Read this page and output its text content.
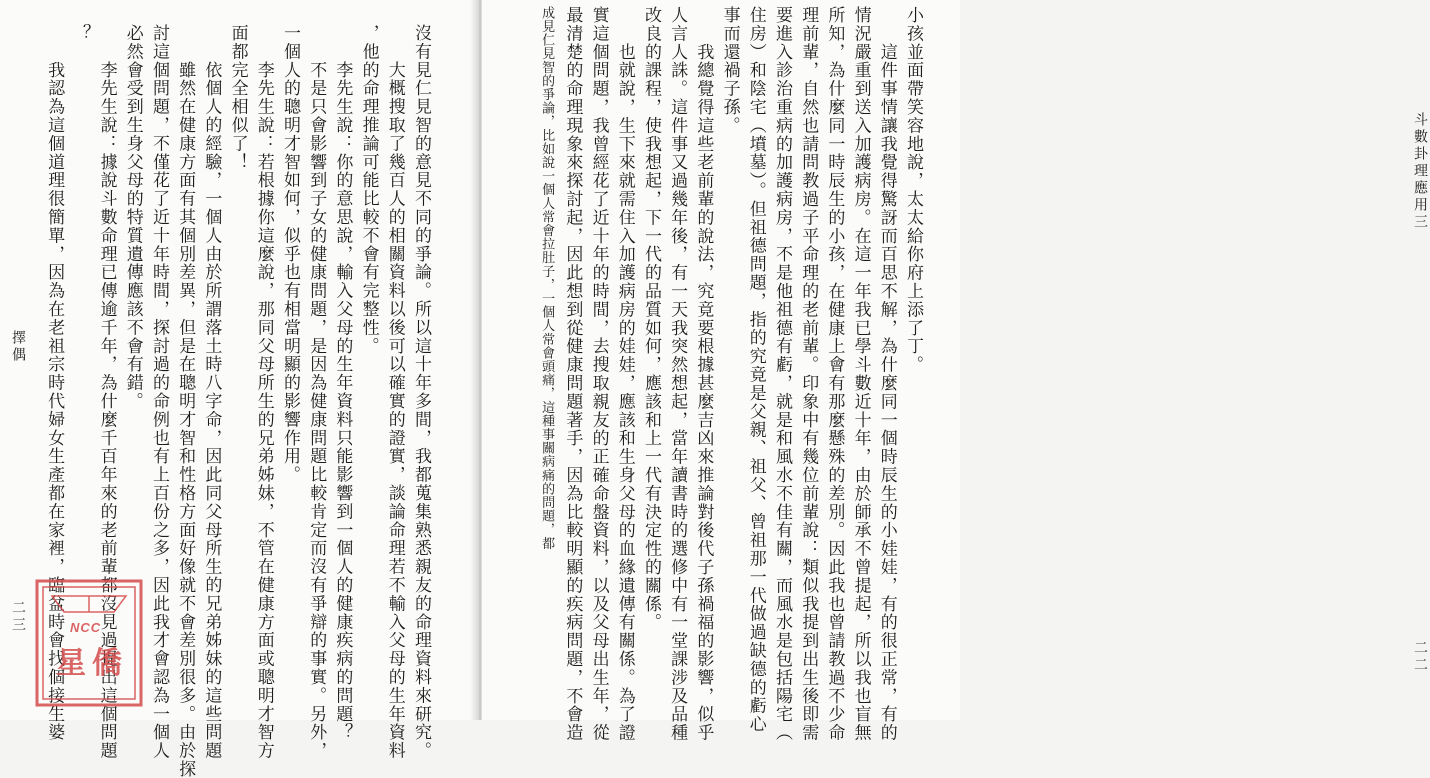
沒有見仁見智的意見不同的爭論。所以這十年多間，我都蒐集熟悉親友的命理資料來研究。

　　大概搜取了幾百人的相關資料以後可以確實的證實，談論命理若不輸入父母的生年資料

，他的命理推論可能比較不會有完整性。

　　李先生說：你的意思說，輸入父母的生年資料只能影響到一個人的健康疾病的問題？

　　不是只會影響到子女的健康問題，是因為健康問題比較肯定而沒有爭辯的事實。另外，

一個人的聰明才智如何，似乎也有相當明顯的影響作用。

　　李先生說：若根據你這麼說，那同父母所生的兄弟姊妹，不管在健康方面或聰明才智方

面都完全相似了！

　　依個人的經驗，一個人由於所謂落土時八字命，因此同父母所生的兄弟姊妹的這些問題

　　雖然在健康方面有其個別差異，但是在聰明才智和性格方面好像就不會差別很多。由於探

討這個問題，不僅花了近十年時間，探討過的命例也有上百份之多，因此我才會認為一個人

必然會受到生身父母的特質遺傳應該不會有錯。

　　李先生說：據說斗數命理已傳逾千年，為什麼千百年來的老前輩都沒見過提出這個問題

？

　　我認為這個道理很簡單，因為在老祖宗時代婦女生產都在家裡，臨盆時會找個接生婆

擇偶
二三	NCC
星僑

小孩並面帶笑容地說，太太給你府上添了丁。

　　這件事情讓我覺得驚訝而百思不解，為什麼同一個時辰生的小娃娃，有的很正常，有的

情況嚴重到送入加護病房。在這一年我已學斗數近十年，由於師承不曾提起，所以我也盲無

所知，為什麼同一時辰生的小孩，在健康上會有那麼懸殊的差別。因此我也曾請教過不少命

理前輩，自然也請問教過子平命理的老前輩。印象中有幾位前輩說：類似我提到出生後即需

要進入診治重病的加護病房，不是他祖德有虧，就是和風水不佳有關，而風水是包括陽宅（

住房）和陰宅（墳墓）。但祖德問題，指的究竟是父親、祖父、曾祖那一代做過缺德的虧心

事而還禍子孫。

　　我總覺得這些老前輩的說法，究竟要根據甚麼吉凶來推論對後代子孫禍福的影響，似乎

人言人誅。這件事又過幾年後，有一天我突然想起，當年讀書時的選修中有一堂課涉及品種

改良的課程，使我想起，下一代的品質如何，應該和上一代有決定性的關係。

　　也就說，生下來就需住入加護病房的娃娃，應該和生身父母的血緣遺傳有關係。為了證

實這個問題，我曾經花了近十年的時間，去搜取親友的正確命盤資料，以及父母出生年，從

最清楚的命理現象來探討起，因此想到從健康問題著手，因為比較明顯的疾病問題，不會造

成見仁見智的爭論，比如說一個人常會拉肚子，一個人常會頭痛，這種事關病痛的問題，都	斗數卦理應用三
二二
